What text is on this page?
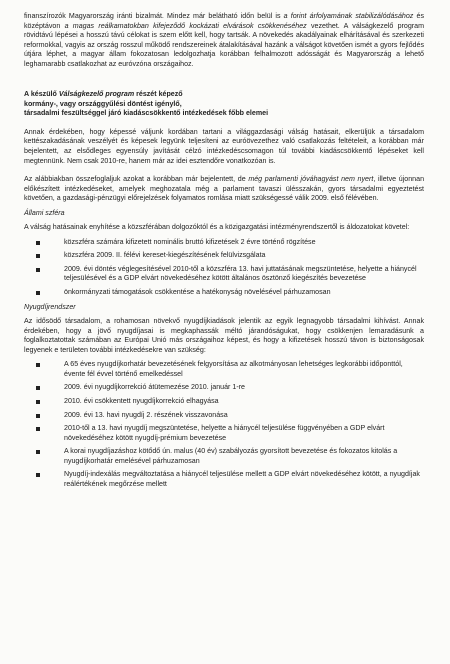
finanszírozók Magyarország iránti bizalmát. Mindez már belátható időn belül is a forint árfolyamának stabilizálódásához és középtávon a magas reálkamatokban kifejeződő kockázati elvárások csökkenéséhez vezethet. A válságkezelő program rövidtávú lépései a hosszú távú célokat is szem előtt kell, hogy tartsák. A növekedés akadályainak elhárításával és szerkezeti reformokkal, vagyis az ország rosszul működő rendszereinek átalakításával hazánk a válságot követően ismét a gyors fejlődés útjára léphet, a magyar állam fokozatosan ledolgozhatja korábban felhalmozott adósságát és Magyarország a lehető leghamarabb csatlakozhat az euróvzóna országaihoz.

A készülő Válságkezelő program részét képező
kormány-, vagy országgyűlési döntést igénylő,
társadalmi feszültséggel járó kiadáscsökkentő intézkedések főbb elemei

Annak érdekében, hogy képessé váljunk kordában tartani a világgazdasági válság hatásait, elkerüljük a társadalom kettészakadásának veszélyét és képesek legyünk teljesíteni az euróövezethez való csatlakozás feltételeit, a korábban már bejelentett, az elsődleges egyensúly javítását célzó intézkedéscsomagon túl további kiadáscsökkentő lépéseket kell megtennünk. Nem csak 2010-re, hanem már az idei esztendőre vonatkozóan is.

Az alábbiakban összefoglaljuk azokat a korábban már bejelentett, de még parlamenti jóváhagyást nem nyert, illetve újonnan előkészített intézkedéseket, amelyek meghozatala még a parlament tavaszi ülésszakán, gyors társadalmi egyeztetést követően, a gazdasági-pénzügyi előrejelzések folyamatos romlása miatt szükségessé válik 2009. első félévében.

Állami szféra

A válság hatásainak enyhítése a közszférában dolgozóktól és a közigazgatási intézményrendszertől is áldozatokat követel:

közszféra számára kifizetett nominális bruttó kifizetések 2 évre történő rögzítése
közszféra 2009. II. félévi kereset-kiegészítésének felülvizsgálata
2009. évi döntés véglegesítésével 2010-től a közszféra 13. havi juttatásának megszüntetése, helyette a hiánycél teljesülésével és a GDP elvárt növekedéséhez kötött általános ösztönző kiegészítés bevezetése
önkormányzati támogatások csökkentése a hatékonyság növelésével párhuzamosan

Nyugdíjrendszer

Az idősödő társadalom, a rohamosan növekvő nyugdíjkiadások jelentik az egyik legnagyobb társadalmi kihívást. Annak érdekében, hogy a jövő nyugdíjasai is megkaphassák méltó járandóságukat, hogy csökkenjen lemaradásunk a foglalkoztatottak számában az Európai Unió más országaihoz képest, és hogy a kifizetések hosszú távon is biztonságosak legyenek e területen további intézkedésekre van szükség:

A 65 éves nyugdíjkorhatár bevezetésének felgyorsítása az alkotmányosan lehetséges legkorábbi időponttól, évente fél évvel történő emelkedéssel
2009. évi nyugdíjkorrekció átütemezése 2010. január 1-re
2010. évi csökkentett nyugdíjkorrekció elhagyása
2009. évi 13. havi nyugdíj 2. részének visszavonása
2010-től a 13. havi nyugdíj megszüntetése, helyette a hiánycél teljesülése függvényében a GDP elvárt növekedéséhez kötött nyugdíj-prémium bevezetése
A korai nyugdíjazáshoz kötődő ún. malus (40 év) szabályozás gyorsított bevezetése és fokozatos kitolás a nyugdíjkorhatár emelésével párhuzamosan
Nyugdíj-indexálás megváltoztatása a hiánycél teljesülése mellett a GDP elvárt növekedéséhez kötött, a nyugdíjak reálértékének megőrzése mellett
